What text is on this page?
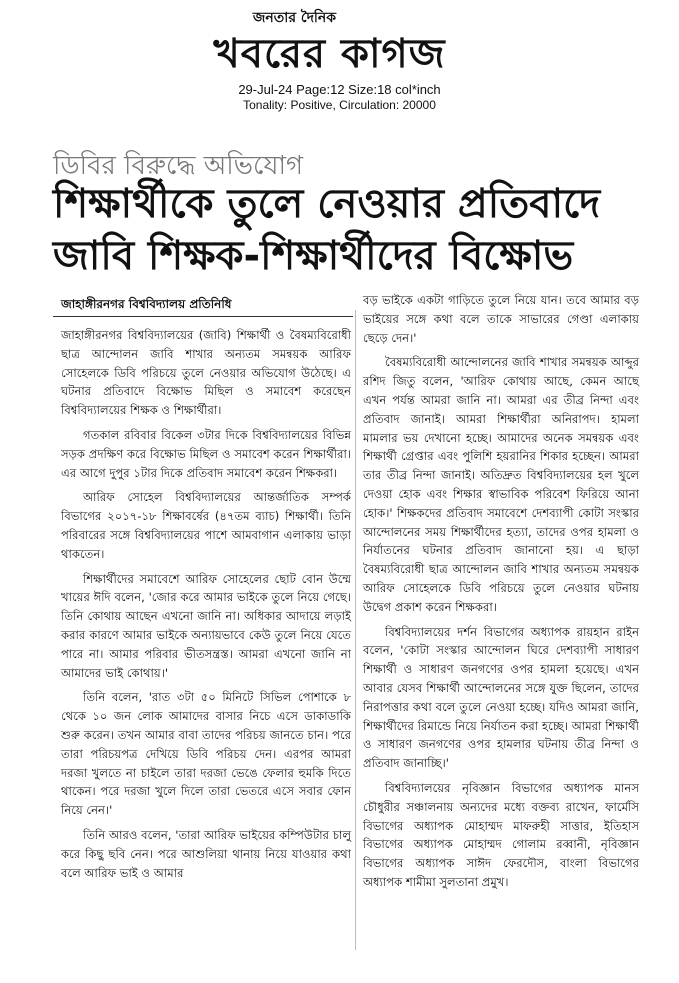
জনতার দৈনিক
খবরের কাগজ
29-Jul-24 Page:12 Size:18 col*inch
Tonality: Positive, Circulation: 20000
ডিবির বিরুদ্ধে অভিযোগ
শিক্ষার্থীকে তুলে নেওয়ার প্রতিবাদে
জাবি শিক্ষক-শিক্ষার্থীদের বিক্ষোভ
জাহাঙ্গীরনগর বিশ্ববিদ্যালয় প্রতিনিধি

জাহাঙ্গীরনগর বিশ্ববিদ্যালয়ের (জাবি) শিক্ষার্থী ও বৈষম্যবিরোধী ছাত্র আন্দোলন জাবি শাখার অন্যতম সমন্বয়ক আরিফ সোহেলকে ডিবি পরিচয়ে তুলে নেওয়ার অভিযোগ উঠেছে। এ ঘটনার প্রতিবাদে বিক্ষোভ মিছিল ও সমাবেশ করেছেন বিশ্ববিদ্যালয়ের শিক্ষক ও শিক্ষার্থীরা।

গতকাল রবিবার বিকেল ৩টার দিকে বিশ্ববিদ্যালয়ের বিভিন্ন সড়ক প্রদক্ষিণ করে বিক্ষোভ মিছিল ও সমাবেশ করেন শিক্ষার্থীরা। এর আগে দুপুর ১টার দিকে প্রতিবাদ সমাবেশ করেন শিক্ষকরা।

আরিফ সোহেল বিশ্ববিদ্যালয়ের আন্তর্জাতিক সম্পর্ক বিভাগের ২০১৭-১৮ শিক্ষাবর্ষের (৪৭তম ব্যাচ) শিক্ষার্থী। তিনি পরিবারের সঙ্গে বিশ্ববিদ্যালয়ের পাশে আমবাগান এলাকায় ভাড়া থাকতেন।

শিক্ষার্থীদের সমাবেশে আরিফ সোহেলের ছোট বোন উম্মে খায়ের ঈদি বলেন, 'জোর করে আমার ভাইকে তুলে নিয়ে গেছে। তিনি কোথায় আছেন এখনো জানি না। অধিকার আদায়ে লড়াই করার কারণে আমার ভাইকে অন্যায়ভাবে কেউ তুলে নিয়ে যেতে পারে না। আমার পরিবার ভীতসন্ত্রস্ত। আমরা এখনো জানি না আমাদের ভাই কোথায়।'

তিনি বলেন, 'রাত ৩টা ৫০ মিনিটে সিভিল পোশাকে ৮ থেকে ১০ জন লোক আমাদের বাসার নিচে এসে ডাকাডাকি শুরু করেন। তখন আমার বাবা তাদের পরিচয় জানতে চান। পরে তারা পরিচয়পত্র দেখিয়ে ডিবি পরিচয় দেন। এরপর আমরা দরজা খুলতে না চাইলে তারা দরজা ভেঙে ফেলার হুমকি দিতে থাকেন। পরে দরজা খুলে দিলে তারা ভেতরে এসে সবার ফোন নিয়ে নেন।'

তিনি আরও বলেন, 'তারা আরিফ ভাইয়ের কম্পিউটার চালু করে কিছু ছবি নেন। পরে আশুলিয়া থানায় নিয়ে যাওয়ার কথা বলে আরিফ ভাই ও আমার

বড় ভাইকে একটা গাড়িতে তুলে নিয়ে যান। তবে আমার বড় ভাইয়ের সঙ্গে কথা বলে তাকে সাভারের গেণ্ডা এলাকায় ছেড়ে দেন।'

বৈষম্যবিরোধী আন্দোলনের জাবি শাখার সমন্বয়ক আব্দুর রশিদ জিতু বলেন, 'আরিফ কোথায় আছে, কেমন আছে এখন পর্যন্ত আমরা জানি না। আমরা এর তীব্র নিন্দা এবং প্রতিবাদ জানাই। আমরা শিক্ষার্থীরা অনিরাপদ। হামলা মামলার ভয় দেখানো হচ্ছে। আমাদের অনেক সমন্বয়ক এবং শিক্ষার্থী গ্রেপ্তার এবং পুলিশি হয়রানির শিকার হচ্ছেন। আমরা তার তীব্র নিন্দা জানাই। অতিদ্রুত বিশ্ববিদ্যালয়ের হল খুলে দেওয়া হোক এবং শিক্ষার স্বাভাবিক পরিবেশ ফিরিয়ে আনা হোক।' শিক্ষকদের প্রতিবাদ সমাবেশে দেশব্যাপী কোটা সংস্কার আন্দোলনের সময় শিক্ষার্থীদের হত্যা, তাদের ওপর হামলা ও নির্যাতনের ঘটনার প্রতিবাদ জানানো হয়। এ ছাড়া বৈষম্যবিরোধী ছাত্র আন্দোলন জাবি শাখার অন্যতম সমন্বয়ক আরিফ সোহেলকে ডিবি পরিচয়ে তুলে নেওয়ার ঘটনায় উদ্বেগ প্রকাশ করেন শিক্ষকরা।

বিশ্ববিদ্যালয়ের দর্শন বিভাগের অধ্যাপক রায়হান রাইন বলেন, 'কোটা সংস্কার আন্দোলন ঘিরে দেশব্যাপী সাধারণ শিক্ষার্থী ও সাধারণ জনগণের ওপর হামলা হয়েছে। এখন আবার যেসব শিক্ষার্থী আন্দোলনের সঙ্গে যুক্ত ছিলেন, তাদের নিরাপত্তার কথা বলে তুলে নেওয়া হচ্ছে। যদিও আমরা জানি, শিক্ষার্থীদের রিমান্ডে নিয়ে নির্যাতন করা হচ্ছে। আমরা শিক্ষার্থী ও সাধারণ জনগণের ওপর হামলার ঘটনায় তীব্র নিন্দা ও প্রতিবাদ জানাচ্ছি।'

বিশ্ববিদ্যালয়ের নৃবিজ্ঞান বিভাগের অধ্যাপক মানস চৌধুরীর সঞ্চালনায় অন্যদের মধ্যে বক্তব্য রাখেন, ফার্মেসি বিভাগের অধ্যাপক মোহাম্মদ মাফরুহী সাত্তার, ইতিহাস বিভাগের অধ্যাপক মোহাম্মদ গোলাম রব্বানী, নৃবিজ্ঞান বিভাগের অধ্যাপক সাঈদ ফেরদৌস, বাংলা বিভাগের অধ্যাপক শামীমা সুলতানা প্রমুখ।
